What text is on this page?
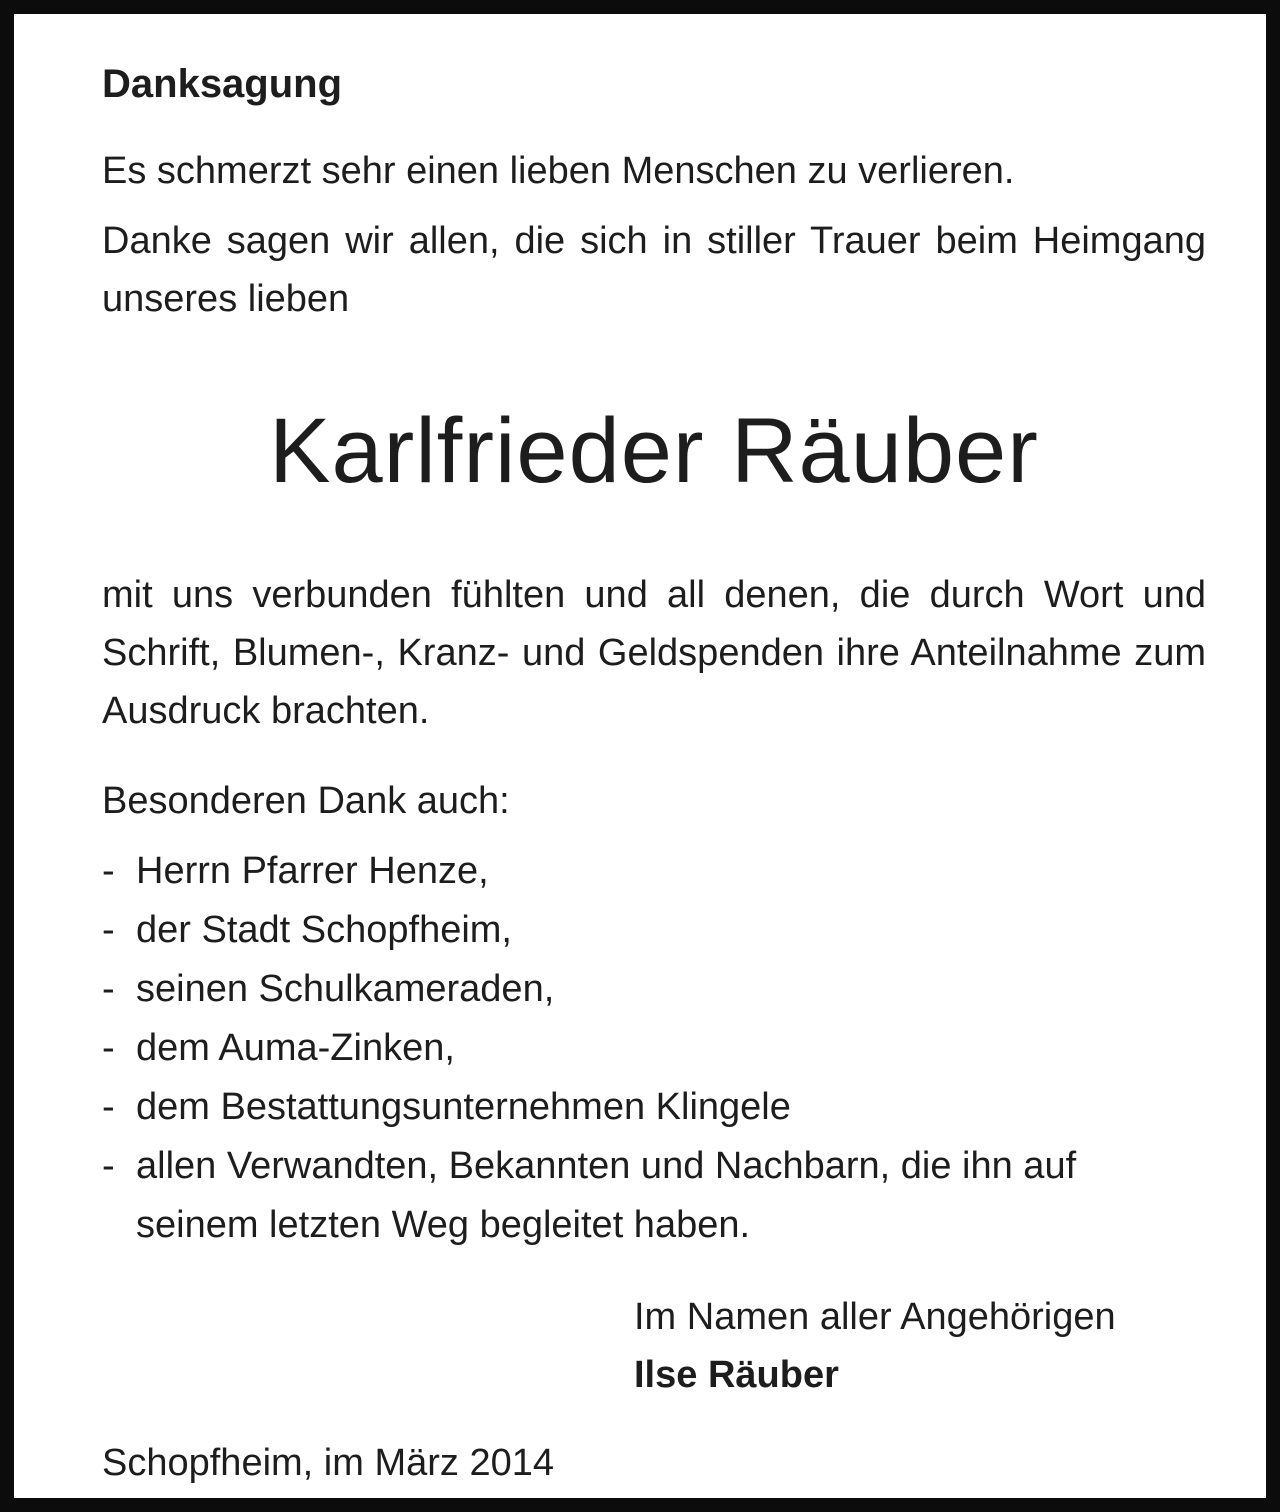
Danksagung

Es schmerzt sehr einen lieben Menschen zu verlieren.

Danke sagen wir allen, die sich in stiller Trauer beim Heimgang unseres lieben

Karlfrieder Räuber

mit uns verbunden fühlten und all denen, die durch Wort und Schrift, Blumen-, Kranz- und Geldspenden ihre Anteilnahme zum Ausdruck brachten.

Besonderen Dank auch:

- Herrn Pfarrer Henze,
- der Stadt Schopfheim,
- seinen Schulkameraden,
- dem Auma-Zinken,
- dem Bestattungsunternehmen Klingele
- allen Verwandten, Bekannten und Nachbarn, die ihn auf seinem letzten Weg begleitet haben.

Im Namen aller Angehörigen
Ilse Räuber

Schopfheim, im März 2014
